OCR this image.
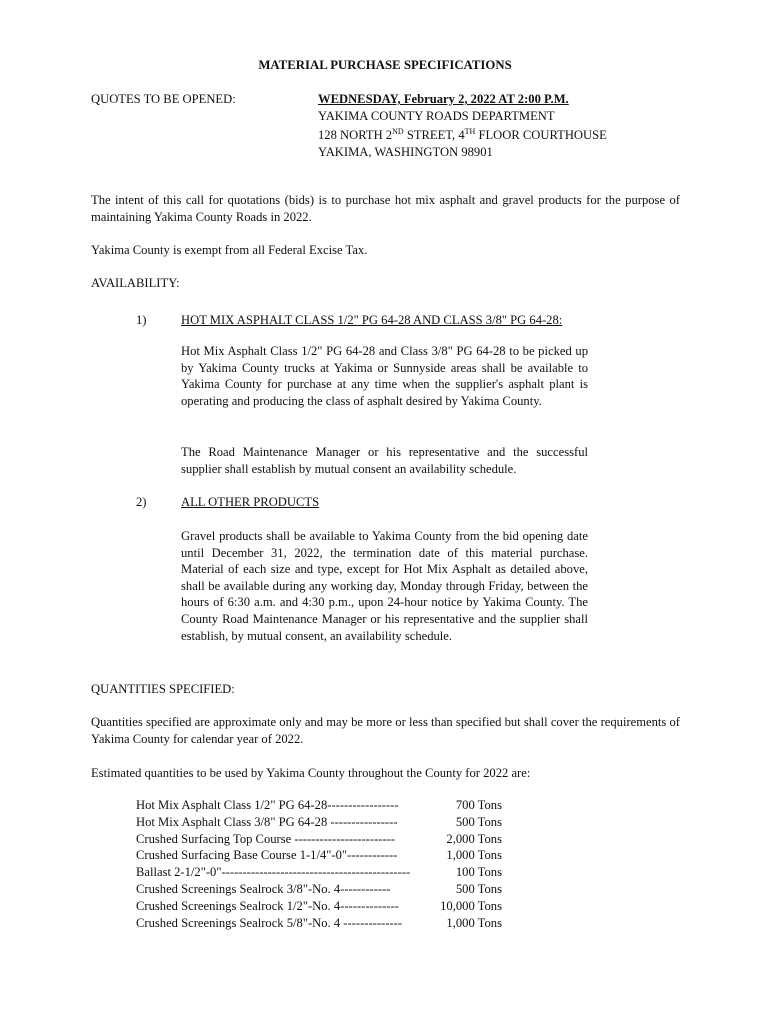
MATERIAL PURCHASE SPECIFICATIONS
QUOTES TO BE OPENED:	WEDNESDAY, February 2, 2022 AT 2:00 P.M.
YAKIMA COUNTY ROADS DEPARTMENT
128 NORTH 2ND STREET, 4TH FLOOR COURTHOUSE
YAKIMA, WASHINGTON 98901
The intent of this call for quotations (bids) is to purchase hot mix asphalt and gravel products for the purpose of maintaining Yakima County Roads in 2022.
Yakima County is exempt from all Federal Excise Tax.
AVAILABILITY:
1)	HOT MIX ASPHALT CLASS 1/2" PG 64-28 AND CLASS 3/8" PG 64-28:
Hot Mix Asphalt Class 1/2" PG 64-28 and Class 3/8" PG 64-28 to be picked up by Yakima County trucks at Yakima or Sunnyside areas shall be available to Yakima County for purchase at any time when the supplier's asphalt plant is operating and producing the class of asphalt desired by Yakima County.
The Road Maintenance Manager or his representative and the successful supplier shall establish by mutual consent an availability schedule.
2)	ALL OTHER PRODUCTS
Gravel products shall be available to Yakima County from the bid opening date until December 31, 2022, the termination date of this material purchase. Material of each size and type, except for Hot Mix Asphalt as detailed above, shall be available during any working day, Monday through Friday, between the hours of 6:30 a.m. and 4:30 p.m., upon 24-hour notice by Yakima County. The County Road Maintenance Manager or his representative and the supplier shall establish, by mutual consent, an availability schedule.
QUANTITIES SPECIFIED:
Quantities specified are approximate only and may be more or less than specified but shall cover the requirements of Yakima County for calendar year of 2022.
Estimated quantities to be used by Yakima County throughout the County for 2022 are:
Hot Mix Asphalt Class 1/2" PG 64-28-----------------	700 Tons
Hot Mix Asphalt Class 3/8" PG 64-28 ----------------	500 Tons
Crushed Surfacing Top Course ------------------------	2,000 Tons
Crushed Surfacing Base Course 1-1/4"-0"------------	1,000 Tons
Ballast 2-1/2"-0"---------------------------------------------	100 Tons
Crushed Screenings Sealrock 3/8"-No. 4------------	500 Tons
Crushed Screenings Sealrock 1/2"-No. 4--------------	10,000 Tons
Crushed Screenings Sealrock 5/8"-No. 4 --------------	1,000 Tons
